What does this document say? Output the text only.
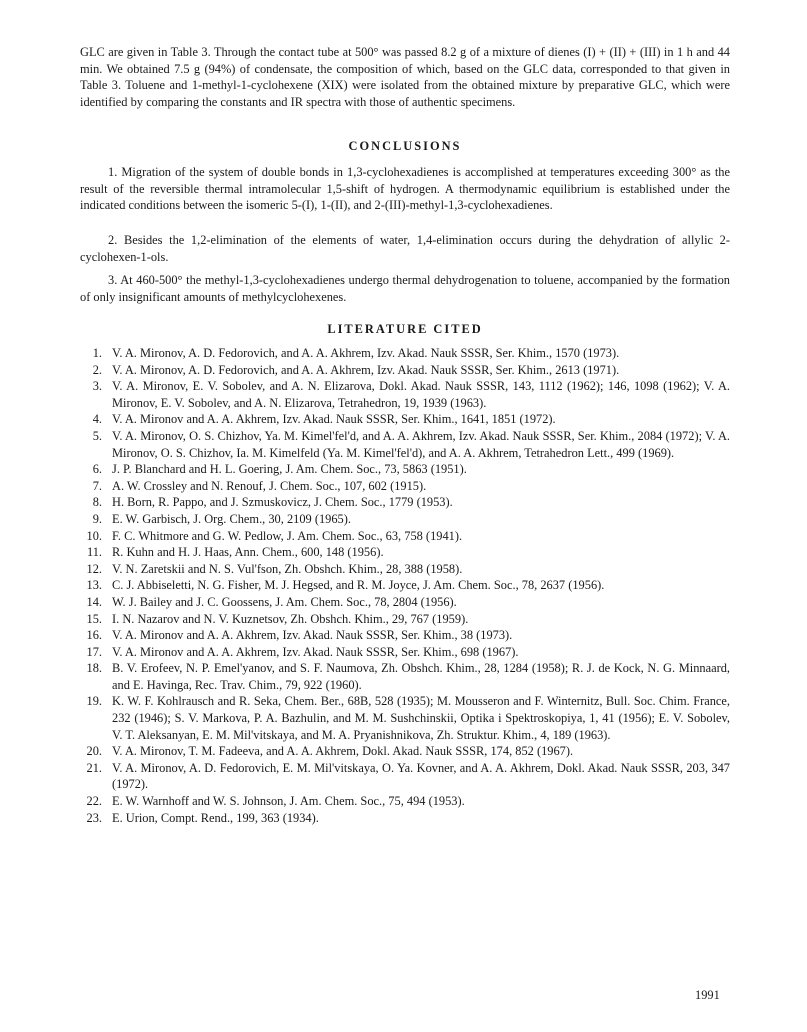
GLC are given in Table 3. Through the contact tube at 500° was passed 8.2 g of a mixture of dienes (I) + (II) + (III) in 1 h and 44 min. We obtained 7.5 g (94%) of condensate, the composition of which, based on the GLC data, corresponded to that given in Table 3. Toluene and 1-methyl-1-cyclohexene (XIX) were isolated from the obtained mixture by preparative GLC, which were identified by comparing the constants and IR spectra with those of authentic specimens.

CONCLUSIONS

1. Migration of the system of double bonds in 1,3-cyclohexadienes is accomplished at temperatures exceeding 300° as the result of the reversible thermal intramolecular 1,5-shift of hydrogen. A thermodynamic equilibrium is established under the indicated conditions between the isomeric 5-(I), 1-(II), and 2-(III)-methyl-1,3-cyclohexadienes.

2. Besides the 1,2-elimination of the elements of water, 1,4-elimination occurs during the dehydration of allylic 2-cyclohexen-1-ols.

3. At 460-500° the methyl-1,3-cyclohexadienes undergo thermal dehydrogenation to toluene, accompanied by the formation of only insignificant amounts of methylcyclohexenes.

LITERATURE CITED
1. V. A. Mironov, A. D. Fedorovich, and A. A. Akhrem, Izv. Akad. Nauk SSSR, Ser. Khim., 1570 (1973).
2. V. A. Mironov, A. D. Fedorovich, and A. A. Akhrem, Izv. Akad. Nauk SSSR, Ser. Khim., 2613 (1971).
3. V. A. Mironov, E. V. Sobolev, and A. N. Elizarova, Dokl. Akad. Nauk SSSR, 143, 1112 (1962); 146, 1098 (1962); V. A. Mironov, E. V. Sobolev, and A. N. Elizarova, Tetrahedron, 19, 1939 (1963).
4. V. A. Mironov and A. A. Akhrem, Izv. Akad. Nauk SSSR, Ser. Khim., 1641, 1851 (1972).
5. V. A. Mironov, O. S. Chizhov, Ya. M. Kimel'fel'd, and A. A. Akhrem, Izv. Akad. Nauk SSSR, Ser. Khim., 2084 (1972); V. A. Mironov, O. S. Chizhov, Ia. M. Kimelfeld (Ya. M. Kimel'fel'd), and A. A. Akhrem, Tetrahedron Lett., 499 (1969).
6. J. P. Blanchard and H. L. Goering, J. Am. Chem. Soc., 73, 5863 (1951).
7. A. W. Crossley and N. Renouf, J. Chem. Soc., 107, 602 (1915).
8. H. Born, R. Pappo, and J. Szmuskovicz, J. Chem. Soc., 1779 (1953).
9. E. W. Garbisch, J. Org. Chem., 30, 2109 (1965).
10. F. C. Whitmore and G. W. Pedlow, J. Am. Chem. Soc., 63, 758 (1941).
11. R. Kuhn and H. J. Haas, Ann. Chem., 600, 148 (1956).
12. V. N. Zaretskii and N. S. Vul'fson, Zh. Obshch. Khim., 28, 388 (1958).
13. C. J. Abbiseletti, N. G. Fisher, M. J. Hegsed, and R. M. Joyce, J. Am. Chem. Soc., 78, 2637 (1956).
14. W. J. Bailey and J. C. Goossens, J. Am. Chem. Soc., 78, 2804 (1956).
15. I. N. Nazarov and N. V. Kuznetsov, Zh. Obshch. Khim., 29, 767 (1959).
16. V. A. Mironov and A. A. Akhrem, Izv. Akad. Nauk SSSR, Ser. Khim., 38 (1973).
17. V. A. Mironov and A. A. Akhrem, Izv. Akad. Nauk SSSR, Ser. Khim., 698 (1967).
18. B. V. Erofeev, N. P. Emel'yanov, and S. F. Naumova, Zh. Obshch. Khim., 28, 1284 (1958); R. J. de Kock, N. G. Minnaard, and E. Havinga, Rec. Trav. Chim., 79, 922 (1960).
19. K. W. F. Kohlrausch and R. Seka, Chem. Ber., 68B, 528 (1935); M. Mousseron and F. Winternitz, Bull. Soc. Chim. France, 232 (1946); S. V. Markova, P. A. Bazhulin, and M. M. Sushchinskii, Optika i Spektroskopiya, 1, 41 (1956); E. V. Sobolev, V. T. Aleksanyan, E. M. Mil'vitskaya, and M. A. Pryanishnikova, Zh. Struktur. Khim., 4, 189 (1963).
20. V. A. Mironov, T. M. Fadeeva, and A. A. Akhrem, Dokl. Akad. Nauk SSSR, 174, 852 (1967).
21. V. A. Mironov, A. D. Fedorovich, E. M. Mil'vitskaya, O. Ya. Kovner, and A. A. Akhrem, Dokl. Akad. Nauk SSSR, 203, 347 (1972).
22. E. W. Warnhoff and W. S. Johnson, J. Am. Chem. Soc., 75, 494 (1953).
23. E. Urion, Compt. Rend., 199, 363 (1934).
1991
